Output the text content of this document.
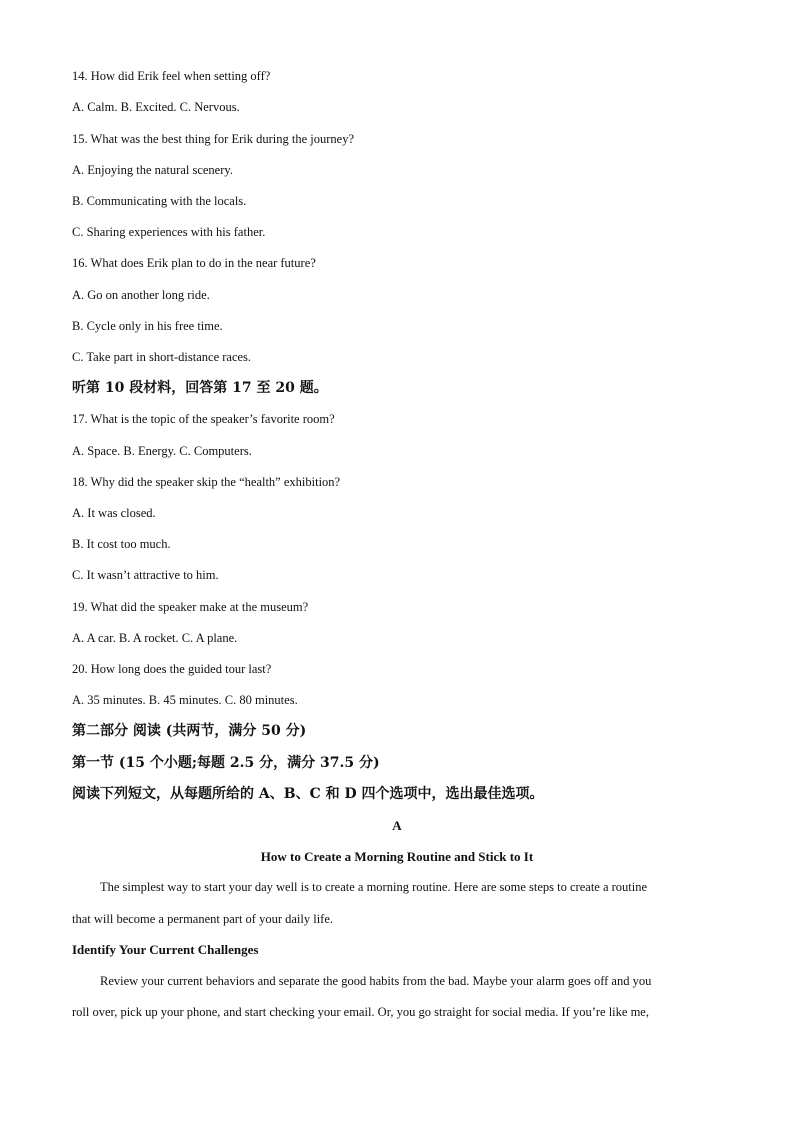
14. How did Erik feel when setting off?
A. Calm. B. Excited. C. Nervous.
15. What was the best thing for Erik during the journey?
A. Enjoying the natural scenery.
B. Communicating with the locals.
C. Sharing experiences with his father.
16. What does Erik plan to do in the near future?
A. Go on another long ride.
B. Cycle only in his free time.
C. Take part in short-distance races.
听第 10 段材料，回答第 17 至 20 题。
17. What is the topic of the speaker’s favorite room?
A. Space. B. Energy. C. Computers.
18. Why did the speaker skip the “health” exhibition?
A. It was closed.
B. It cost too much.
C. It wasn’t attractive to him.
19. What did the speaker make at the museum?
A. A car. B. A rocket. C. A plane.
20. How long does the guided tour last?
A. 35 minutes. B. 45 minutes. C. 80 minutes.
第二部分 阅读 (共两节，满分 50 分)
第一节 (15 个小题;每题 2.5 分，满分 37.5 分)
阅读下列短文，从每题所给的 A、B、C 和 D 四个选项中，选出最佳选项。
A
How to Create a Morning Routine and Stick to It
The simplest way to start your day well is to create a morning routine. Here are some steps to create a routine
that will become a permanent part of your daily life.
Identify Your Current Challenges
Review your current behaviors and separate the good habits from the bad. Maybe your alarm goes off and you
roll over, pick up your phone, and start checking your email. Or, you go straight for social media. If you’re like me,
